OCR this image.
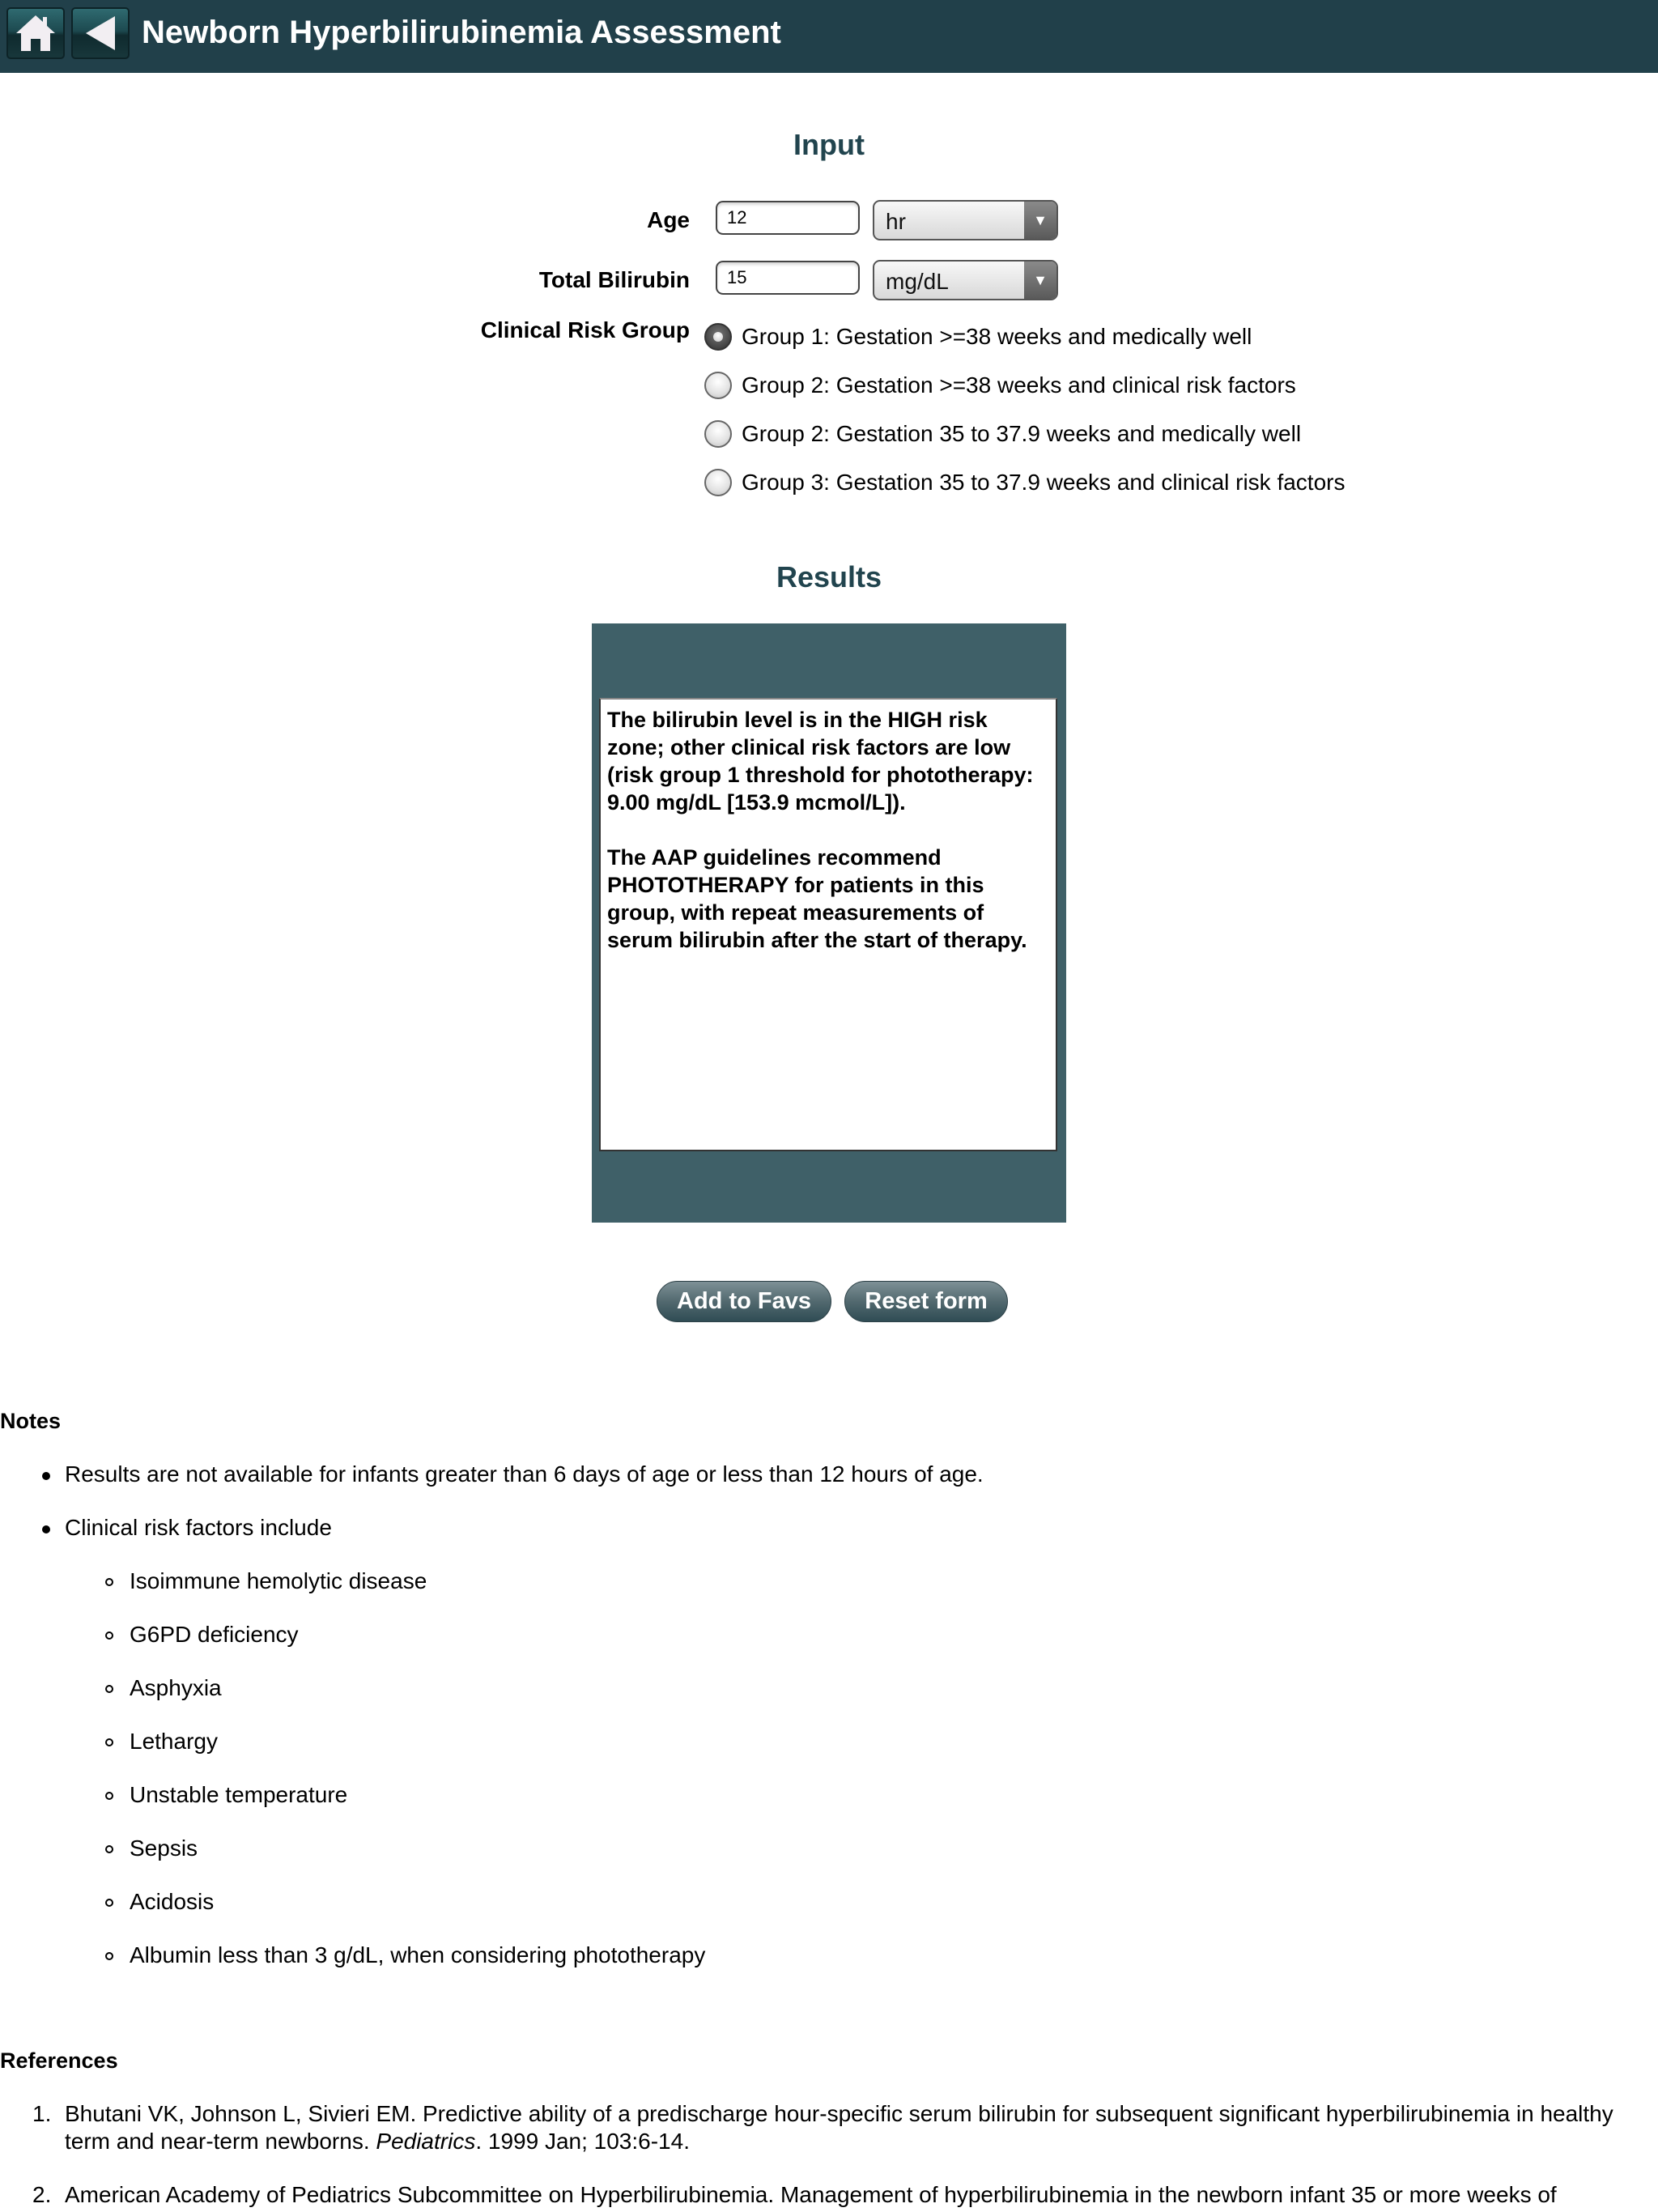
Newborn Hyperbilirubinemia Assessment
Input
Age
12	hr	▼
Total Bilirubin
15	mg/dL	▼
Clinical Risk Group Group 1: Gestation >=38 weeks and medically well
Group 2: Gestation >=38 weeks and clinical risk factors
Group 2: Gestation 35 to 37.9 weeks and medically well
Group 3: Gestation 35 to 37.9 weeks and clinical risk factors
Results

The bilirubin level is in the HIGH risk zone; other clinical risk factors are low (risk group 1 threshold for phototherapy: 9.00 mg/dL [153.9 mcmol/L]).

The AAP guidelines recommend PHOTOTHERAPY for patients in this group, with repeat measurements of serum bilirubin after the start of therapy.

Add to Favs	Reset form
Notes
Results are not available for infants greater than 6 days of age or less than 12 hours of age.
Clinical risk factors include
Isoimmune hemolytic disease
G6PD deficiency
Asphyxia
Lethargy
Unstable temperature
Sepsis
Acidosis
Albumin less than 3 g/dL, when considering phototherapy
References
1. Bhutani VK, Johnson L, Sivieri EM. Predictive ability of a predischarge hour-specific serum bilirubin for subsequent significant hyperbilirubinemia in healthy term and near-term newborns. Pediatrics. 1999 Jan; 103:6-14.
2. American Academy of Pediatrics Subcommittee on Hyperbilirubinemia. Management of hyperbilirubinemia in the newborn infant 35 or more weeks of
